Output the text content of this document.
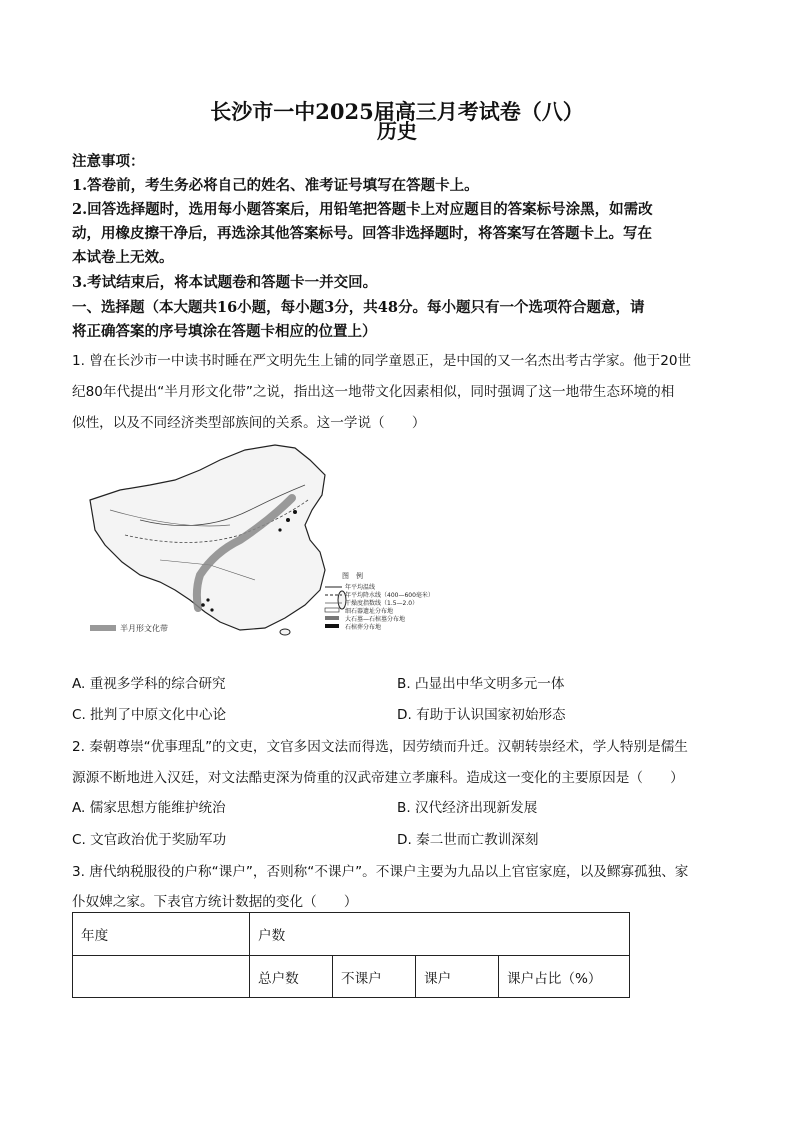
长沙市一中2025届高三月考试卷（八）
历史
注意事项：
1.答卷前，考生务必将自己的姓名、准考证号填写在答题卡上。
2.回答选择题时，选用每小题答案后，用铅笔把答题卡上对应题目的答案标号涂黑，如需改
动，用橡皮擦干净后，再选涂其他答案标号。回答非选择题时，将答案写在答题卡上。写在
本试卷上无效。
3.考试结束后，将本试题卷和答题卡一并交回。
一、选择题（本大题共16小题，每小题3分，共48分。每小题只有一个选项符合题意，请
将正确答案的序号填涂在答题卡相应的位置上）
1. 曾在长沙市一中读书时睡在严文明先生上铺的同学童恩正，是中国的又一名杰出考古学家。他于20世
纪80年代提出“半月形文化带”之说，指出这一地带文化因素相似，同时强调了这一地带生态环境的相
似性，以及不同经济类型部族间的关系。这一学说（　　）
图　例
年平均温线
年平均降水线（400—600毫米）
干燥度指数线（1.5—2.0）
细石器遗址分布地
大石墓—石棺墓分布地
石棺葬分布地
半月形文化带
A. 重视多学科的综合研究	B. 凸显出中华文明多元一体
C. 批判了中原文化中心论	D. 有助于认识国家初始形态
2. 秦朝尊崇“优事理乱”的文吏，文官多因文法而得选，因劳绩而升迁。汉朝转崇经术，学人特别是儒生
源源不断地进入汉廷，对文法酷吏深为倚重的汉武帝建立孝廉科。造成这一变化的主要原因是（　　）
A. 儒家思想方能维护统治	B. 汉代经济出现新发展
C. 文官政治优于奖励军功	D. 秦二世而亡教训深刻
3. 唐代纳税服役的户称“课户”，否则称“不课户”。不课户主要为九品以上官宦家庭，以及鳏寡孤独、家
仆奴婢之家。下表官方统计数据的变化（　　）
年度	户数			
	总户数	不课户	课户	课户占比（%）
